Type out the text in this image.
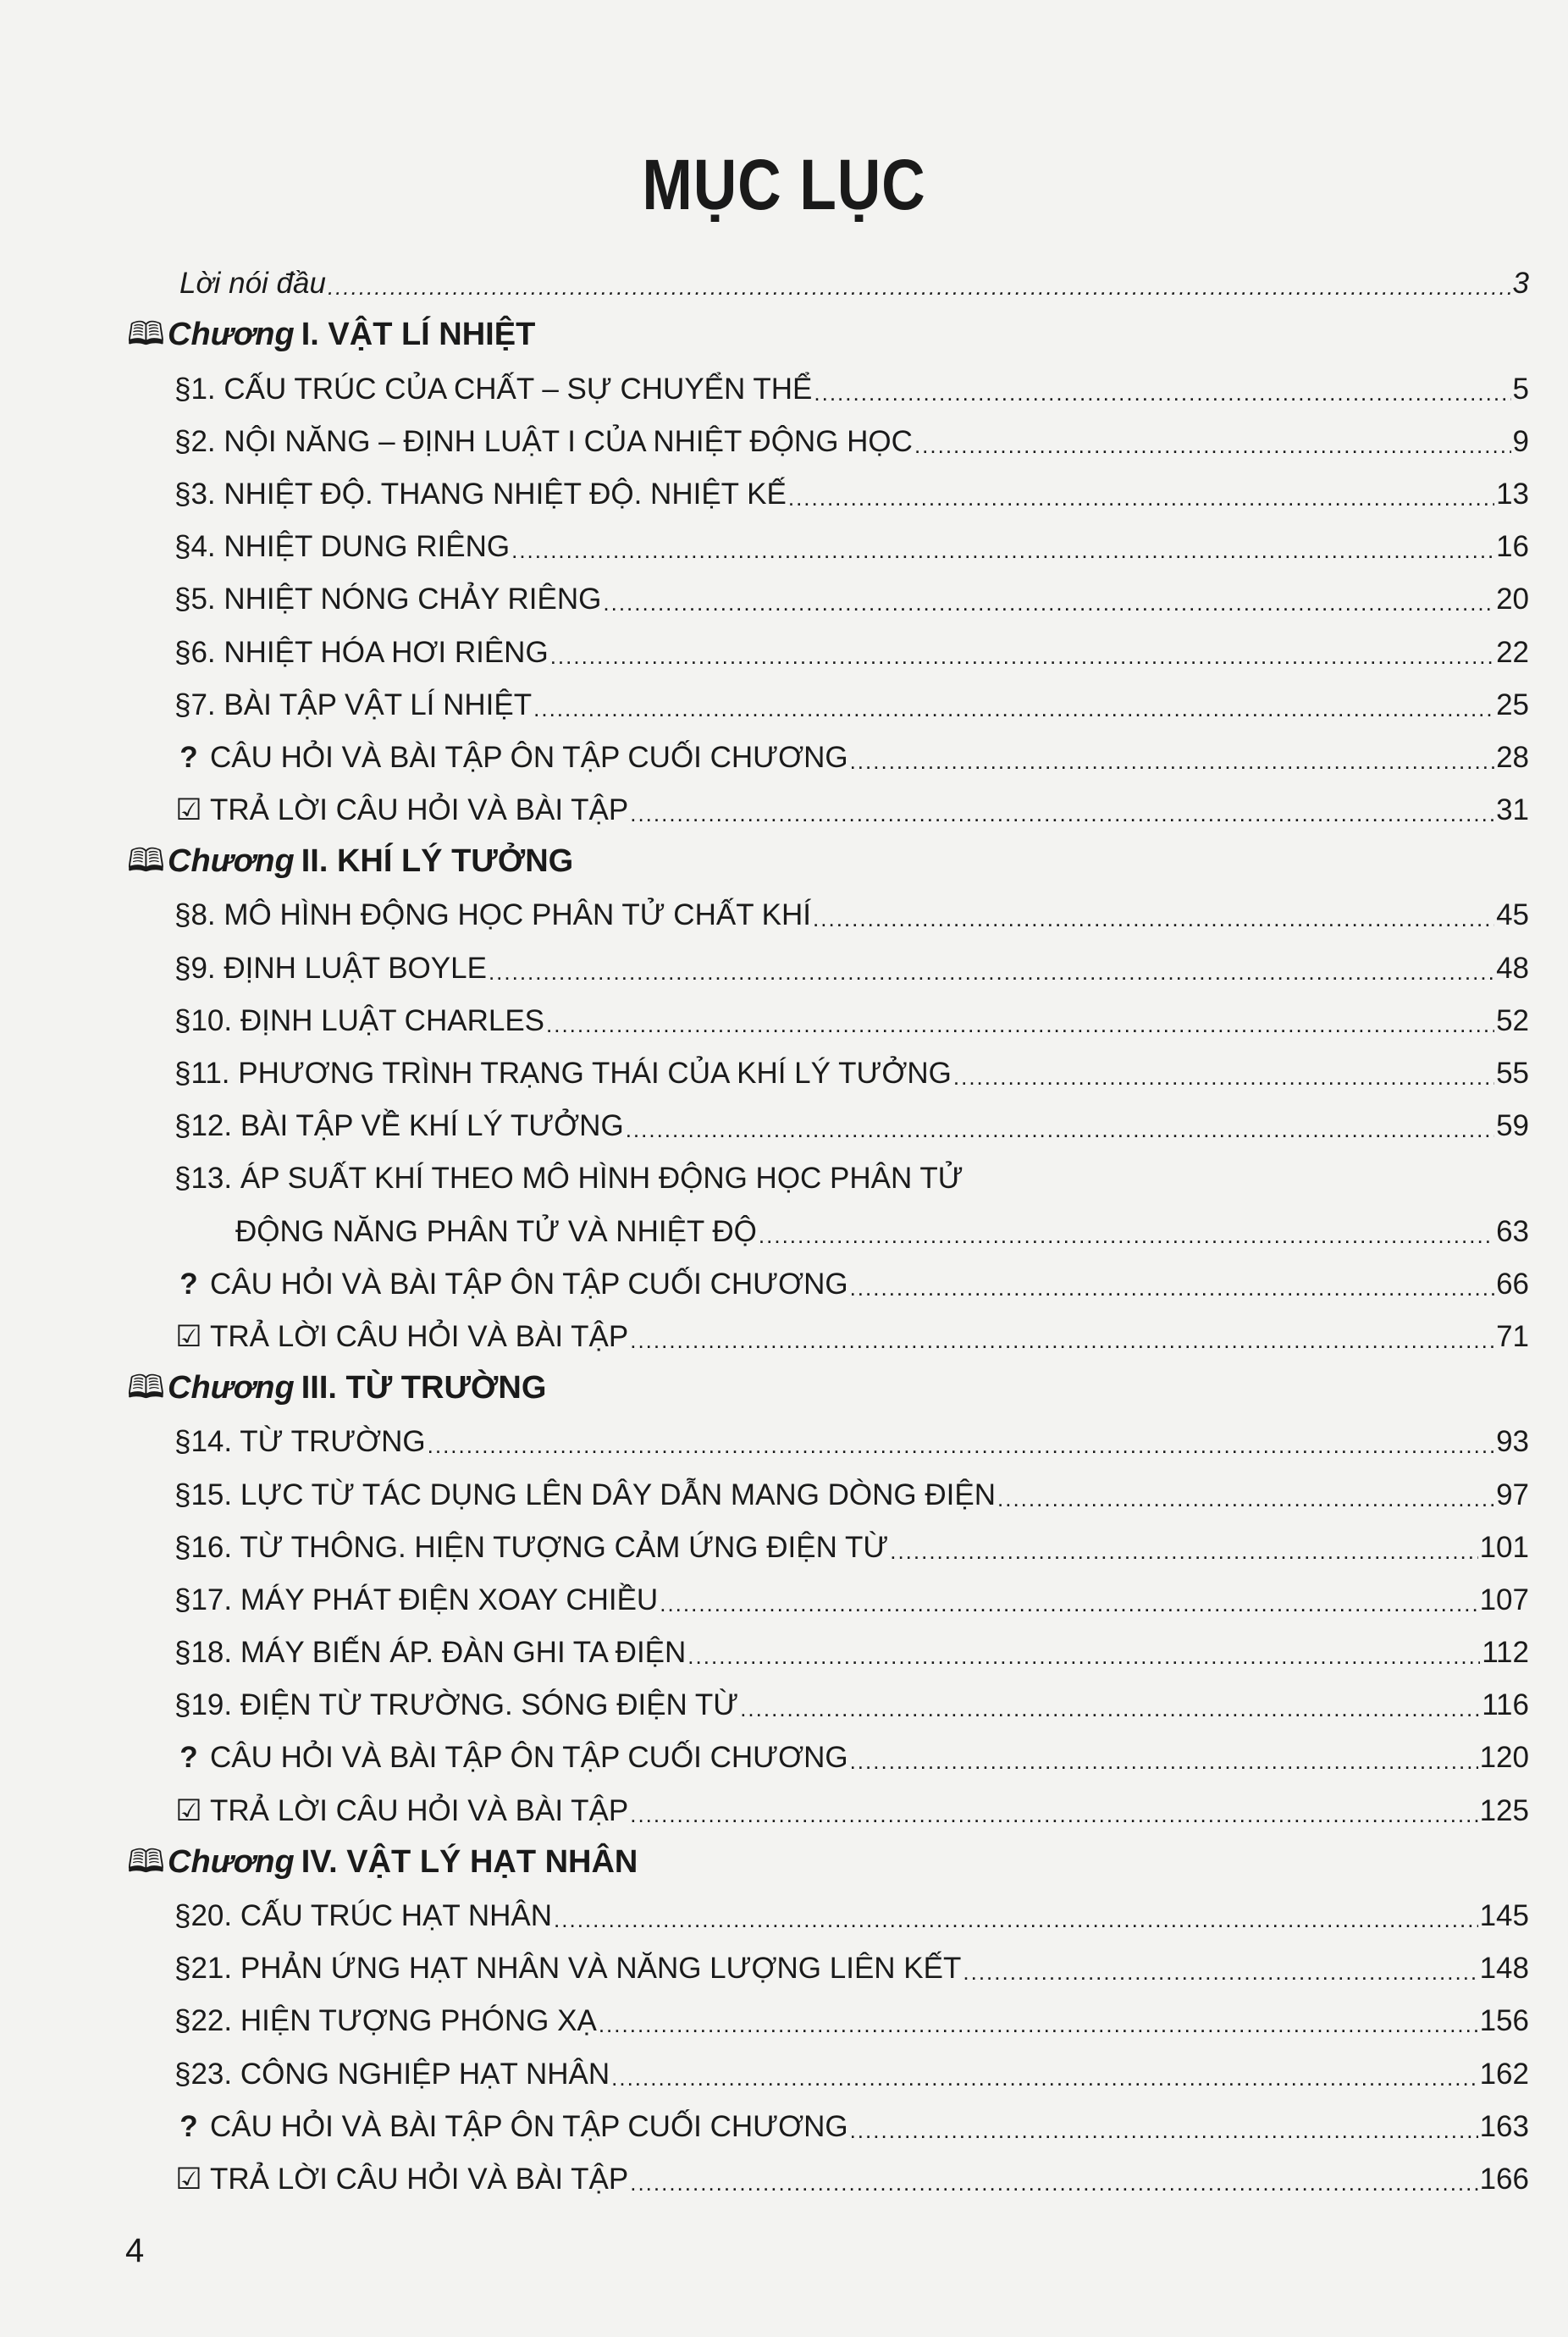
MỤC LỤC
Lời nói đầu .....	3
🕮 Chương I.
VẬT LÍ NHIỆT
§1. CẤU TRÚC CỦA CHẤT – SỰ CHUYỂN THỂ .....	5
§2. NỘI NĂNG – ĐỊNH LUẬT I CỦA NHIỆT ĐỘNG HỌC .....	9
§3. NHIỆT ĐỘ. THANG NHIỆT ĐỘ. NHIỆT KẾ .....	13
§4. NHIỆT DUNG RIÊNG .....	16
§5. NHIỆT NÓNG CHẢY RIÊNG .....	20
§6. NHIỆT HÓA HƠI RIÊNG .....	22
§7. BÀI TẬP VẬT LÍ NHIỆT .....	25
? CÂU HỎI VÀ BÀI TẬP ÔN TẬP CUỐI CHƯƠNG .....	28
☑ TRẢ LỜI CÂU HỎI VÀ BÀI TẬP .....	31
🕮 Chương II.
KHÍ LÝ TƯỞNG
§8. MÔ HÌNH ĐỘNG HỌC PHÂN TỬ CHẤT KHÍ .....	45
§9. ĐỊNH LUẬT BOYLE .....	48
§10. ĐỊNH LUẬT CHARLES .....	52
§11. PHƯƠNG TRÌNH TRẠNG THÁI CỦA KHÍ LÝ TƯỞNG .....	55
§12. BÀI TẬP VỀ KHÍ LÝ TƯỞNG .....	59
§13. ÁP SUẤT KHÍ THEO MÔ HÌNH ĐỘNG HỌC PHÂN TỬ
ĐỘNG NĂNG PHÂN TỬ VÀ NHIỆT ĐỘ .....	63
? CÂU HỎI VÀ BÀI TẬP ÔN TẬP CUỐI CHƯƠNG .....	66
☑ TRẢ LỜI CÂU HỎI VÀ BÀI TẬP .....	71
🕮 Chương III.
TỪ TRƯỜNG
§14. TỪ TRƯỜNG .....	93
§15. LỰC TỪ TÁC DỤNG LÊN DÂY DẪN MANG DÒNG ĐIỆN .....	97
§16. TỪ THÔNG. HIỆN TƯỢNG CẢM ỨNG ĐIỆN TỪ .....	101
§17. MÁY PHÁT ĐIỆN XOAY CHIỀU .....	107
§18. MÁY BIẾN ÁP. ĐÀN GHI TA ĐIỆN .....	112
§19. ĐIỆN TỪ TRƯỜNG. SÓNG ĐIỆN TỪ .....	116
? CÂU HỎI VÀ BÀI TẬP ÔN TẬP CUỐI CHƯƠNG .....	120
☑ TRẢ LỜI CÂU HỎI VÀ BÀI TẬP .....	125
🕮 Chương IV.
VẬT LÝ HẠT NHÂN
§20. CẤU TRÚC HẠT NHÂN .....	145
§21. PHẢN ỨNG HẠT NHÂN VÀ NĂNG LƯỢNG LIÊN KẾT .....	148
§22. HIỆN TƯỢNG PHÓNG XẠ .....	156
§23. CÔNG NGHIỆP HẠT NHÂN .....	162
? CÂU HỎI VÀ BÀI TẬP ÔN TẬP CUỐI CHƯƠNG .....	163
☑ TRẢ LỜI CÂU HỎI VÀ BÀI TẬP .....	166
4
